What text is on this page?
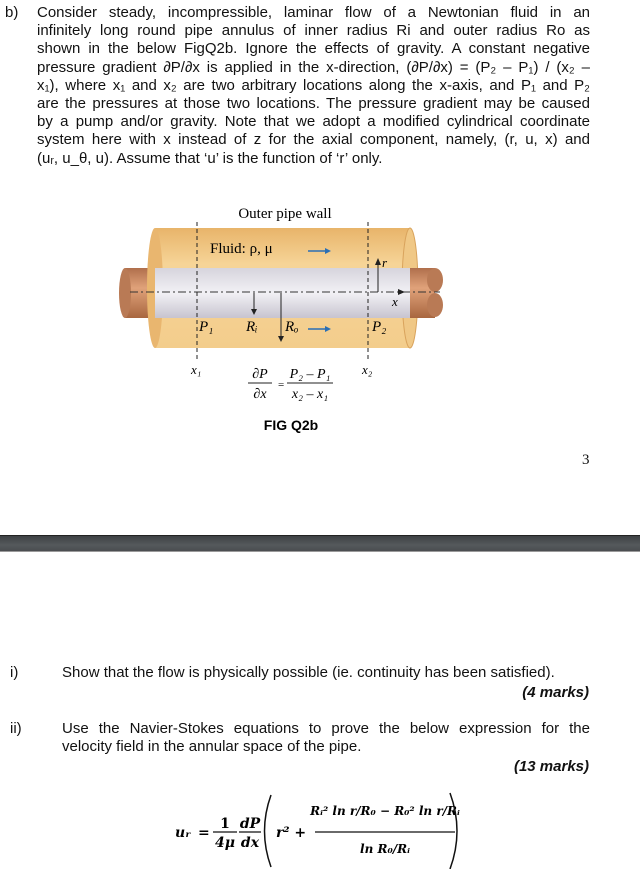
b) Consider steady, incompressible, laminar flow of a Newtonian fluid in an
infinitely long round pipe annulus of inner radius Ri and outer radius Ro as
shown in the below FigQ2b. Ignore the effects of gravity. A constant negative
pressure gradient ∂P/∂x is applied in the x-direction, (∂P/∂x) = (P₂ – P₁) / (x₂ –
x₁), where x₁ and x₂ are two arbitrary locations along the x-axis, and P₁ and P₂
are the pressures at those two locations. The pressure gradient may be caused
by a pump and/or gravity. Note that we adopt a modified cylindrical coordinate
system here with x instead of z for the axial component, namely, (r, u, x) and
(uᵣ, u_θ, u). Assume that ‘u’ is the function of ‘r’ only.
Outer pipe wall
Fluid: ρ, μ
r
x
P₁ Rᵢ Rₒ	P₂
x₁	x₂
∂P
∂x
=
P₂ – P₁
x₂ – x₁
FIG Q2b
3
i)	Show that the flow is physically possible (ie. continuity has been satisfied).
(4 marks)
ii)	Use the Navier-Stokes equations to prove the below expression for the
velocity field in the annular space of the pipe.
(13 marks)
uᵣ =
1
4μ
dP
dx
r² +
Rᵢ² ln r/R₀ − R₀² ln r/Rᵢ
ln R₀/Rᵢ
